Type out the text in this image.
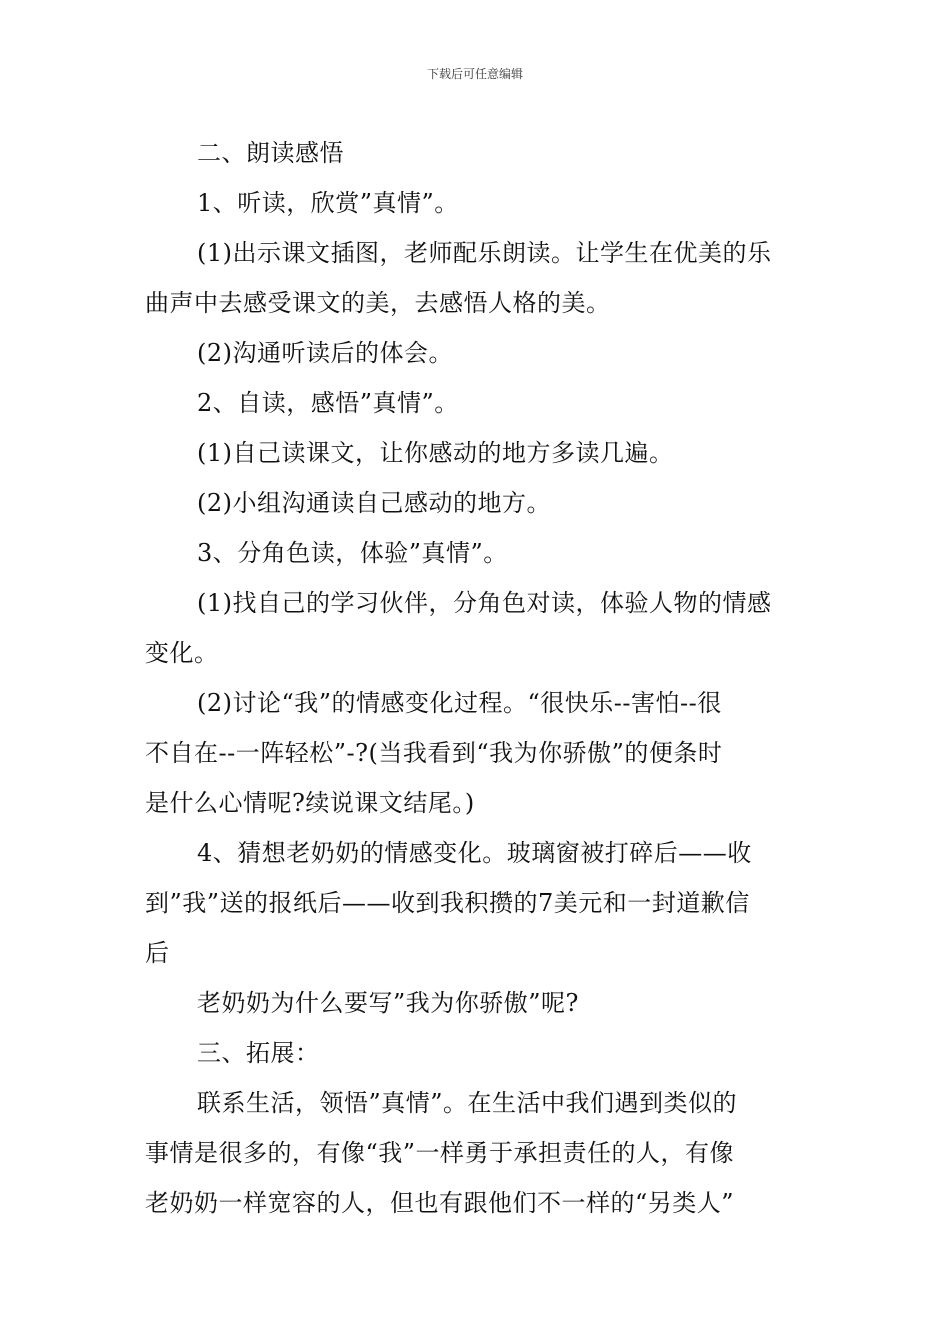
下载后可任意编辑
二、朗读感悟
1、听读，欣赏”真情”。
(1)出示课文插图，老师配乐朗读。让学生在优美的乐
曲声中去感受课文的美，去感悟人格的美。
(2)沟通听读后的体会。
2、自读，感悟”真情”。
(1)自己读课文，让你感动的地方多读几遍。
(2)小组沟通读自己感动的地方。
3、分角色读，体验”真情”。
(1)找自己的学习伙伴，分角色对读，体验人物的情感
变化。
(2)讨论“我”的情感变化过程。“很快乐--害怕--很
不自在--一阵轻松”-?(当我看到“我为你骄傲”的便条时
是什么心情呢?续说课文结尾。)
4、猜想老奶奶的情感变化。玻璃窗被打碎后——收
到”我”送的报纸后——收到我积攒的7美元和一封道歉信
后
老奶奶为什么要写”我为你骄傲”呢?
三、拓展：
联系生活，领悟”真情”。在生活中我们遇到类似的
事情是很多的，有像“我”一样勇于承担责任的人，有像
老奶奶一样宽容的人，但也有跟他们不一样的“另类人”
